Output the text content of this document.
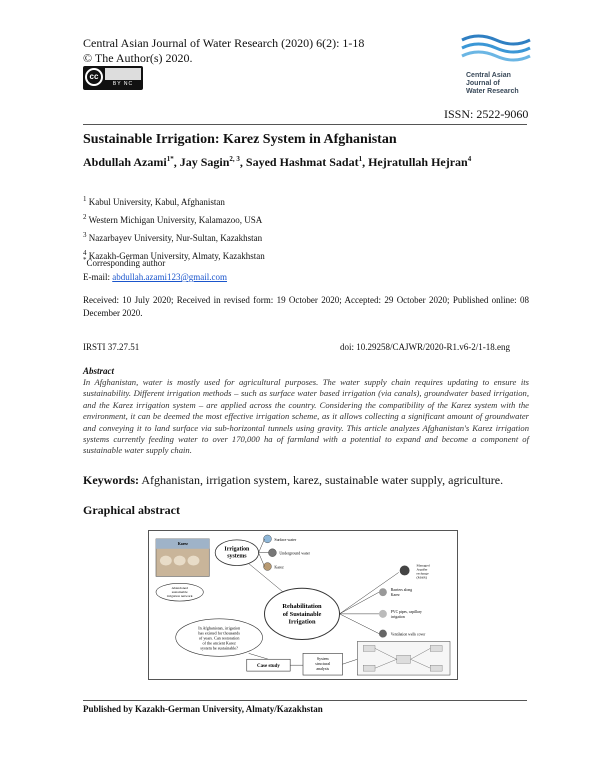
Central Asian Journal of Water Research (2020) 6(2): 1-18
© The Author(s) 2020.
cc
BY NC
Central Asian
Journal of
Water Research
ISSN: 2522-9060
Sustainable Irrigation: Karez System in Afghanistan
Abdullah Azami$^{1*}$, Jay Sagin$^{2, 3}$, Sayed Hashmat Sadat$^1$, Hejratullah Hejran$^4$
$^1$ Kabul University, Kabul, Afghanistan
$^2$ Western Michigan University, Kalamazoo, USA
$^3$ Nazarbayev University, Nur-Sultan, Kazakhstan
$^4$ Kazakh-German University, Almaty, Kazakhstan
*Corresponding author
E-mail: abdullah.azami123@gmail.com
Received: 10 July 2020; Received in revised form: 19 October 2020; Accepted: 29 October 2020; Published online: 08 December 2020.
IRSTI 37.27.51	doi: 10.29258/CAJWR/2020-R1.v6-2/1-18.eng
Abstract
In Afghanistan, water is mostly used for agricultural purposes. The water supply chain requires updating to ensure its sustainability. Different irrigation methods – such as surface water based irrigation (via canals), groundwater based irrigation, and the Karez irrigation system – are applied across the country. Considering the compatibility of the Karez system with the environment, it can be deemed the most effective irrigation scheme, as it allows collecting a significant amount of groundwater and conveying it to land surface via sub-horizontal tunnels using gravity. This article analyzes Afghanistan's Karez irrigation systems currently feeding water to over 170,000 ha of farmland with a potential to expand and become a component of sustainable water supply chain.
Keywords: Afghanistan, irrigation system, karez, sustainable water supply, agriculture.
Graphical abstract
Karez
Abandoned
sustainable
irrigation network
Irrigation
systems
Surface water
Underground water
Karez
Rehabilitation
of Sustainable
Irrigation
In Afghanistan, irrigation
has existed for thousands
of years. Can restoration
of the ancient Karez
system be sustainable?
Managed
Aquifer
recharge
(MAR)
Barriers along
Karez
PVC pipes, capillary
irrigation
Ventilation wells cover
Case study
System
structural
analysis
Published by Kazakh-German University, Almaty/Kazakhstan
